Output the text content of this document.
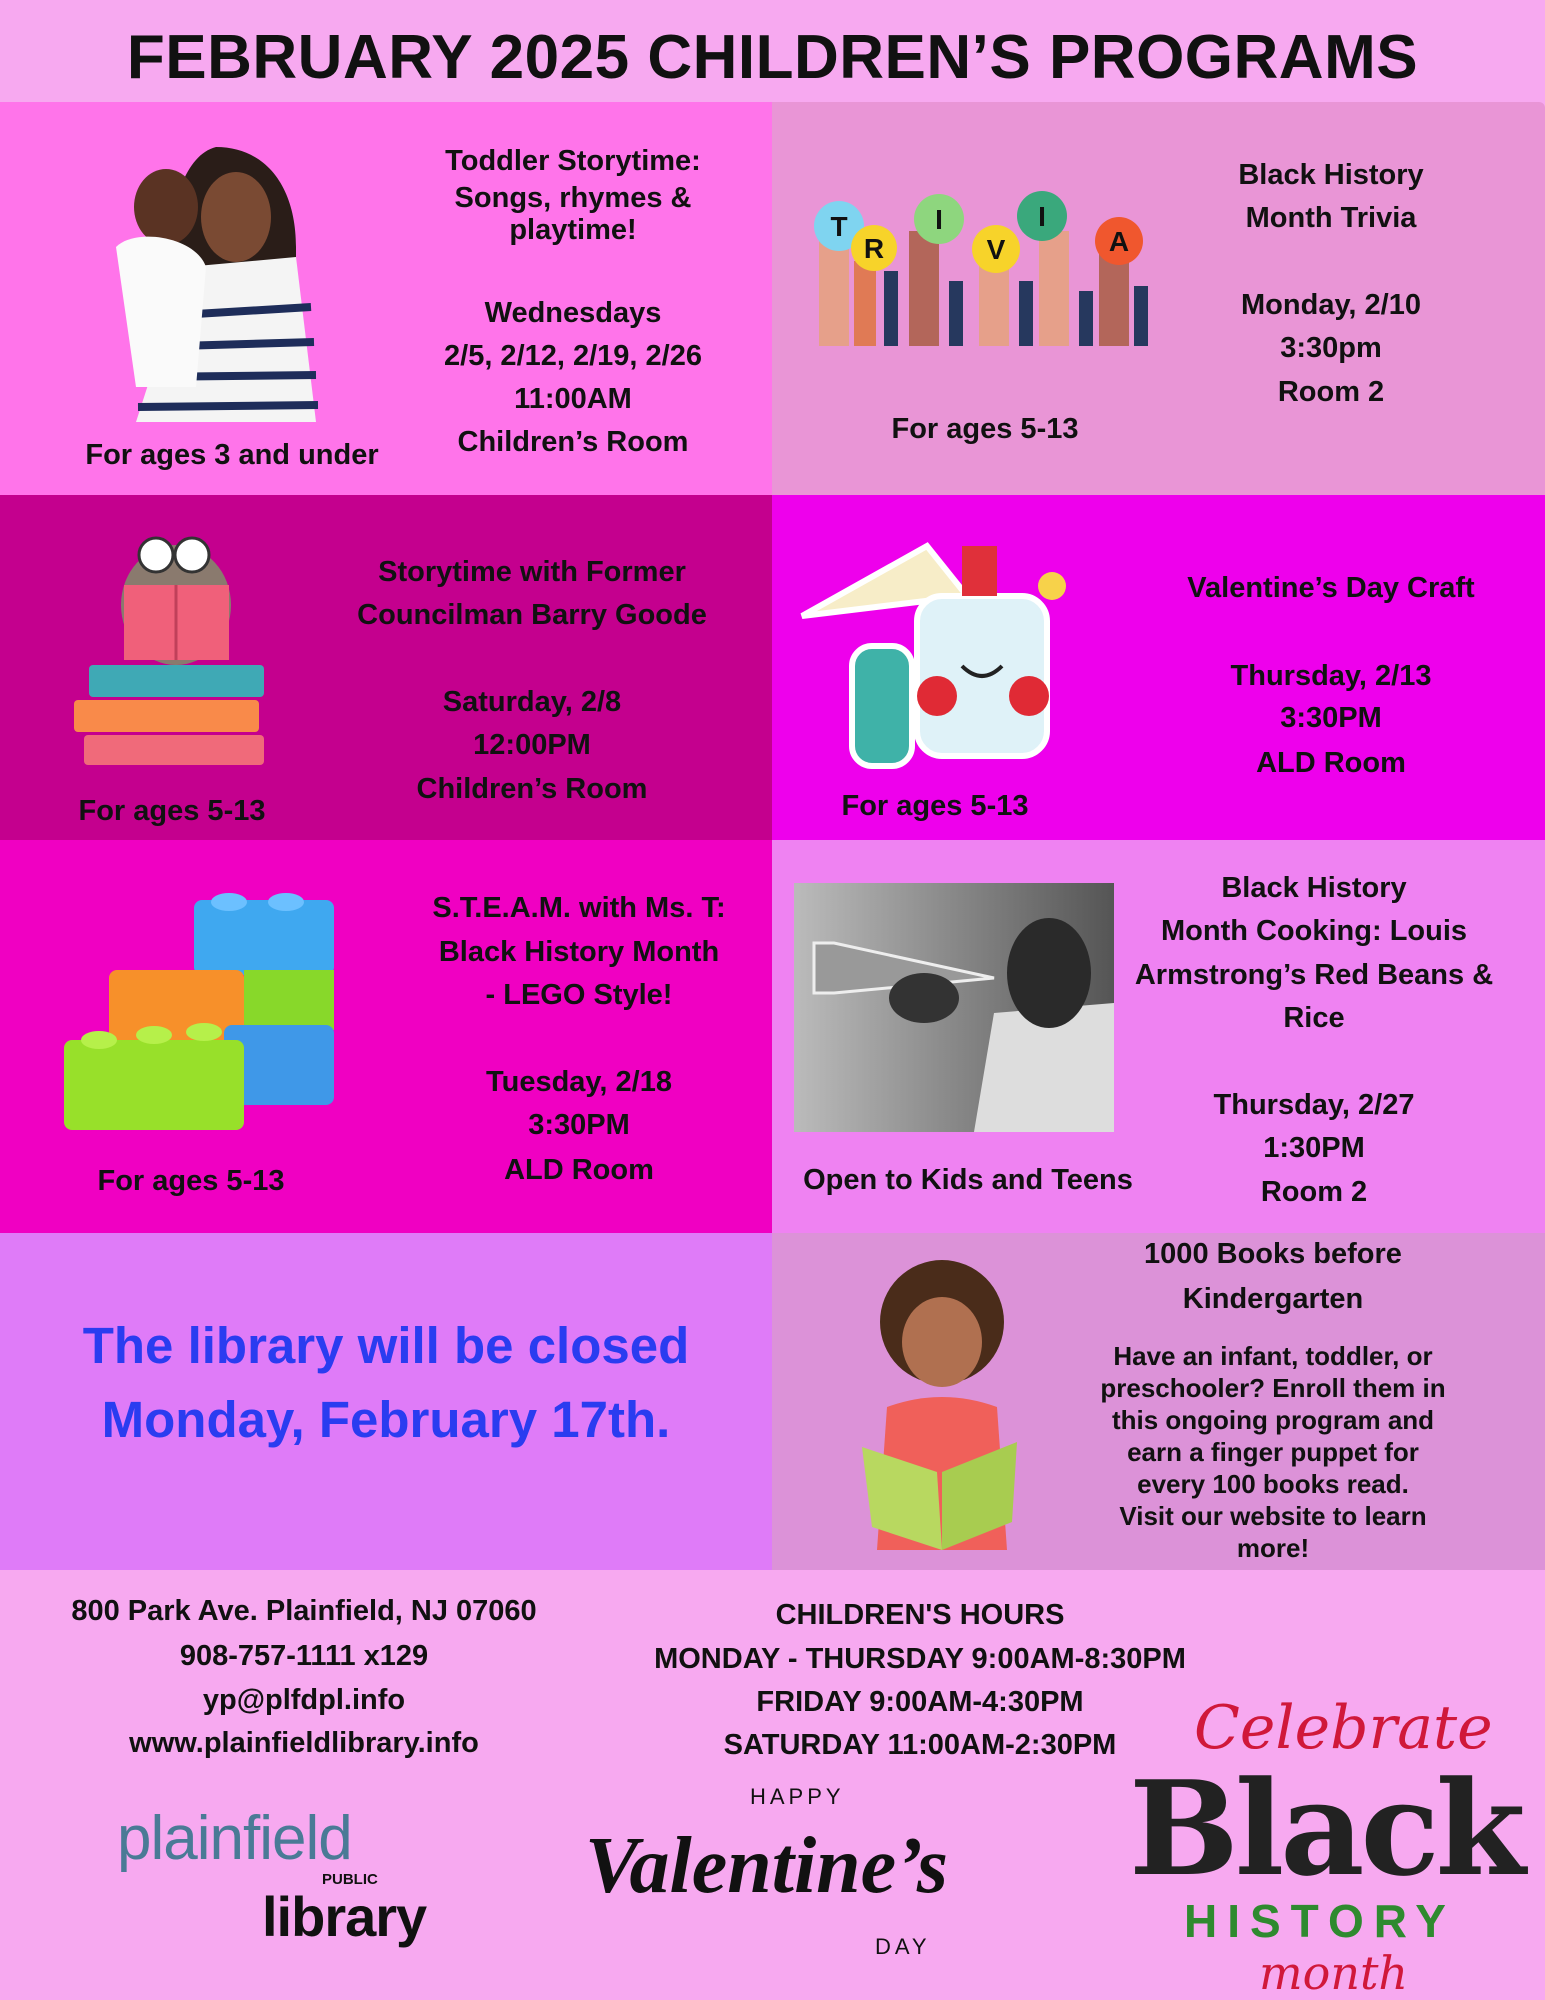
FEBRUARY 2025 CHILDREN’S PROGRAMS
Toddler Storytime:
Songs, rhymes &
playtime!
Wednesdays
2/5, 2/12, 2/19, 2/26
11:00AM
Children’s Room
For ages 3 and under
T
R
I
V
I
A
Black History
Month Trivia
Monday, 2/10
3:30pm
Room 2
For ages 5-13
Storytime with Former
Councilman Barry Goode
Saturday, 2/8
12:00PM
Children’s Room
For ages 5-13
Valentine’s Day Craft
Thursday, 2/13
3:30PM
ALD Room
For ages 5-13
S.T.E.A.M. with Ms. T:
Black History Month
- LEGO Style!
Tuesday, 2/18
3:30PM
ALD Room
For ages 5-13
Black History
Month Cooking: Louis
Armstrong’s Red Beans &
Rice
Thursday, 2/27
1:30PM
Room 2
Open to Kids and Teens
The library will be closed
Monday, February 17th.
1000 Books before
Kindergarten
Have an infant, toddler, or
preschooler? Enroll them in
this ongoing program and
earn a finger puppet for
every 100 books read.
Visit our website to learn
more!
800 Park Ave. Plainfield, NJ 07060
908-757-1111 x129
yp@plfdpl.info
www.plainfieldlibrary.info
CHILDREN'S HOURS
MONDAY - THURSDAY 9:00AM-8:30PM
FRIDAY 9:00AM-4:30PM
SATURDAY 11:00AM-2:30PM
plainfield
PUBLIC
library
HAPPY
Valentine’s
DAY
Celebrate
Black
HISTORY
month
